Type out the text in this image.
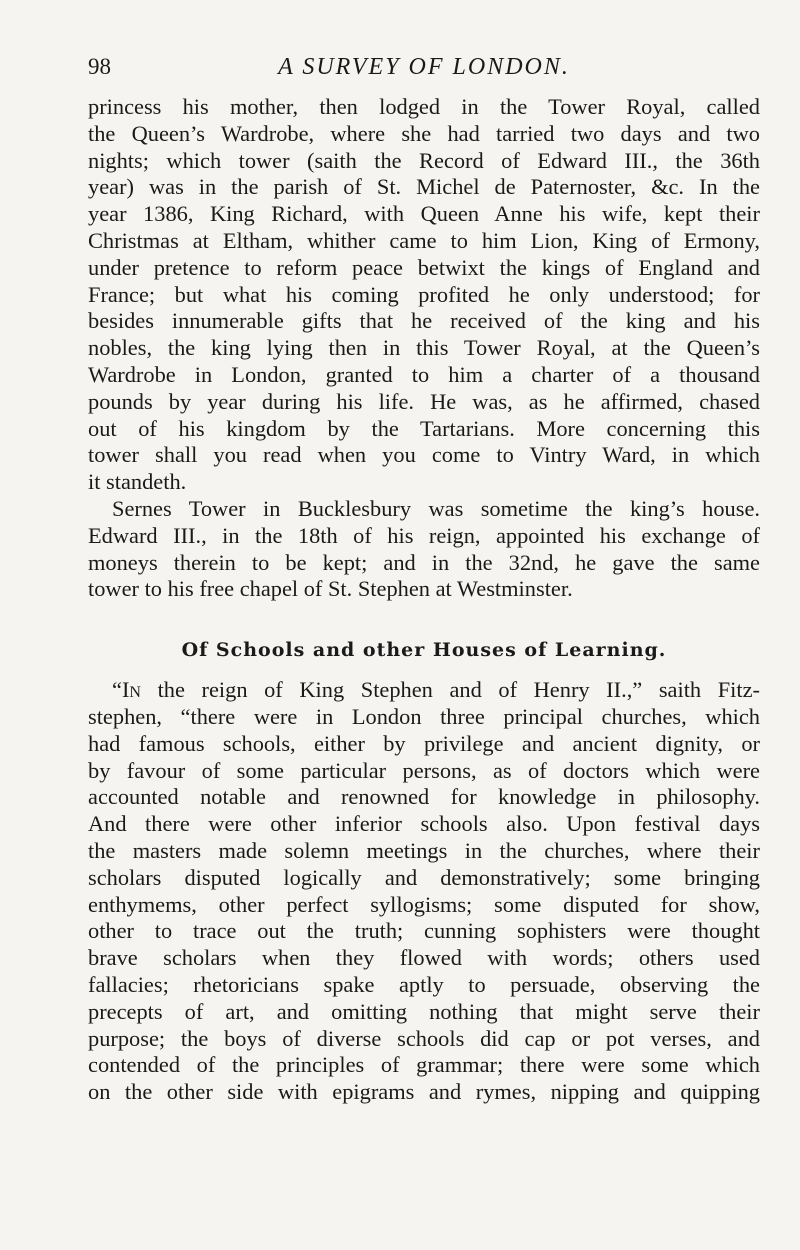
98	A SURVEY OF LONDON.
princess his mother, then lodged in the Tower Royal, called
the Queen’s Wardrobe, where she had tarried two days and two
nights; which tower (saith the Record of Edward III., the 36th
year) was in the parish of St. Michel de Paternoster, &c. In the
year 1386, King Richard, with Queen Anne his wife, kept their
Christmas at Eltham, whither came to him Lion, King of Ermony,
under pretence to reform peace betwixt the kings of England and
France; but what his coming profited he only understood; for
besides innumerable gifts that he received of the king and his
nobles, the king lying then in this Tower Royal, at the Queen’s
Wardrobe in London, granted to him a charter of a thousand
pounds by year during his life. He was, as he affirmed, chased
out of his kingdom by the Tartarians. More concerning this
tower shall you read when you come to Vintry Ward, in which
it standeth.
Sernes Tower in Bucklesbury was sometime the king’s house.
Edward III., in the 18th of his reign, appointed his exchange of
moneys therein to be kept; and in the 32nd, he gave the same
tower to his free chapel of St. Stephen at Westminster.
Of Schools and other Houses of Learning.
“In the reign of King Stephen and of Henry II.,” saith Fitz-
stephen, “there were in London three principal churches, which
had famous schools, either by privilege and ancient dignity, or
by favour of some particular persons, as of doctors which were
accounted notable and renowned for knowledge in philosophy.
And there were other inferior schools also. Upon festival days
the masters made solemn meetings in the churches, where their
scholars disputed logically and demonstratively; some bringing
enthymems, other perfect syllogisms; some disputed for show,
other to trace out the truth; cunning sophisters were thought
brave scholars when they flowed with words; others used
fallacies; rhetoricians spake aptly to persuade, observing the
precepts of art, and omitting nothing that might serve their
purpose; the boys of diverse schools did cap or pot verses, and
contended of the principles of grammar; there were some which
on the other side with epigrams and rymes, nipping and quipping
